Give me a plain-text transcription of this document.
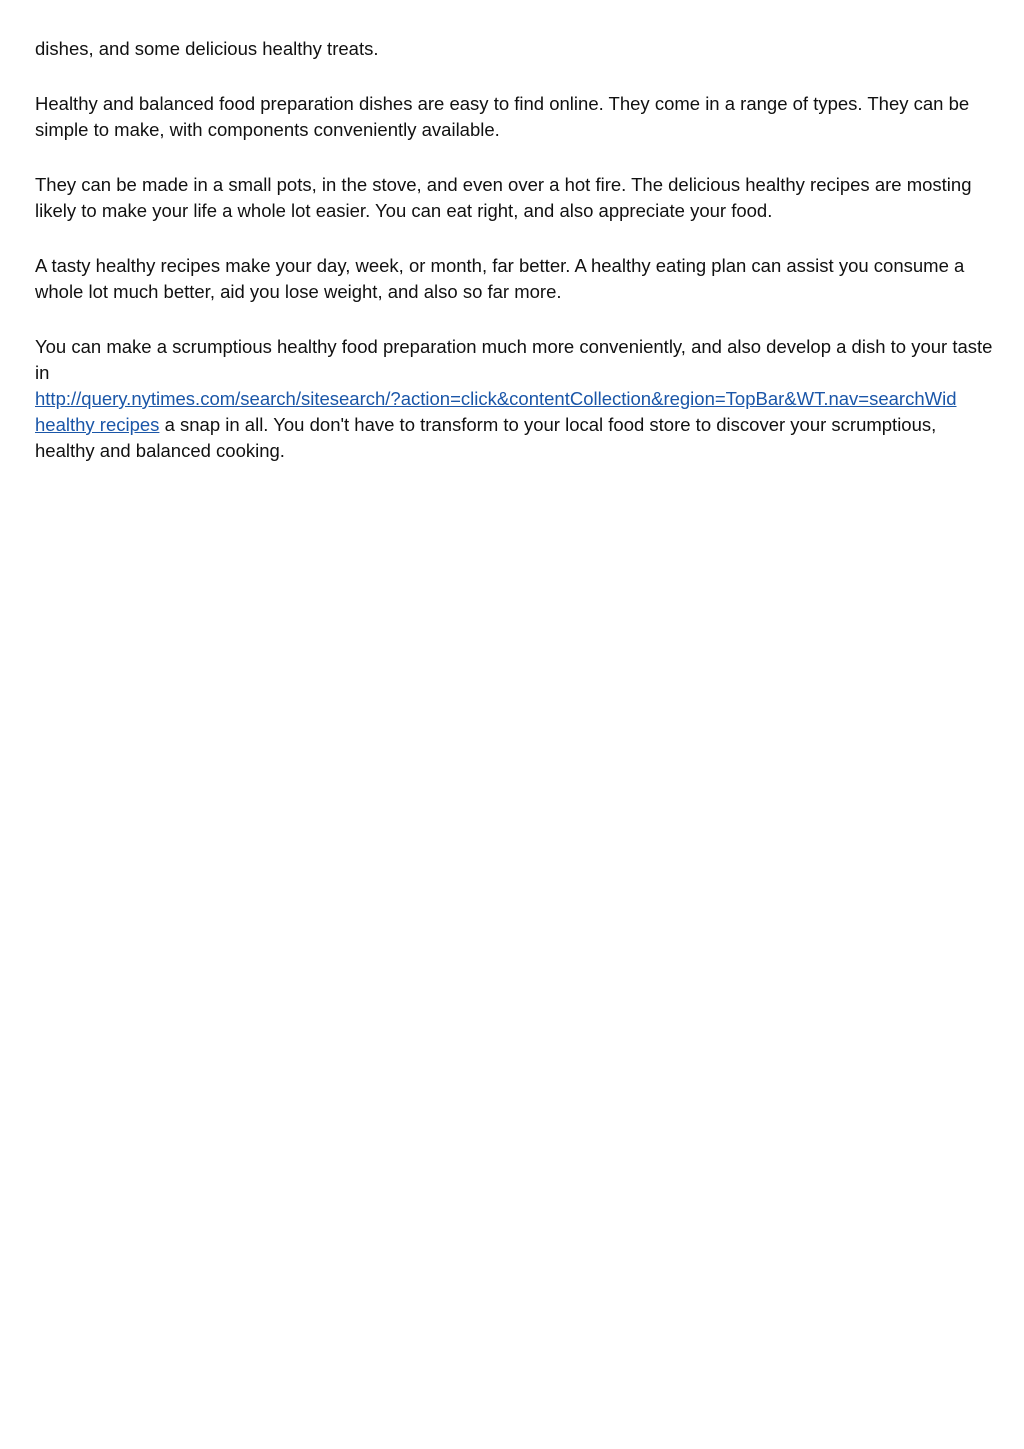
dishes, and some delicious healthy treats.

Healthy and balanced food preparation dishes are easy to find online. They come in a range of types. They can be simple to make, with components conveniently available.

They can be made in a small pots, in the stove, and even over a hot fire. The delicious healthy recipes are mosting likely to make your life a whole lot easier. You can eat right, and also appreciate your food.

A tasty healthy recipes make your day, week, or month, far better. A healthy eating plan can assist you consume a whole lot much better, aid you lose weight, and also so far more.

You can make a scrumptious healthy food preparation much more conveniently, and also develop a dish to your taste in
http://query.nytimes.com/search/sitesearch/?action=click&contentCollection&region=TopBar&WT.nav=searchWid
healthy recipes a snap in all. You don't have to transform to your local food store to discover your scrumptious, healthy and balanced cooking.
